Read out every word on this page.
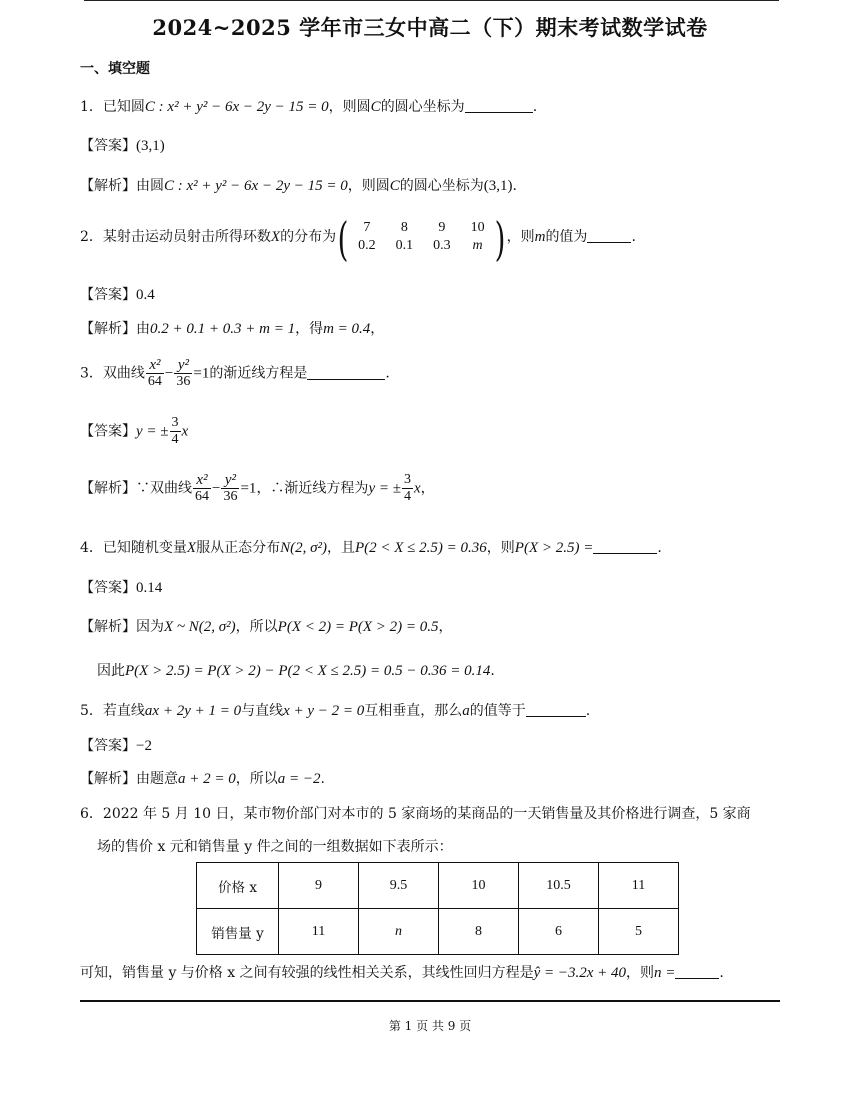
2024~2025 学年市三女中高二（下）期末考试数学试卷
一、填空题
1．已知圆C : x² + y² − 6x − 2y − 15 = 0，则圆C的圆心坐标为	.
【答案】(3,1)
【解析】由圆C : x² + y² − 6x − 2y − 15 = 0，则圆C的圆心坐标为(3,1).
2．某射击运动员射击所得环数X的分布为 ( 7	8	9	10
0.2	0.1	0.3	m ) ，则m的值为	.
【答案】0.4
【解析】由0.2 + 0.1 + 0.3 + m = 1，得m = 0.4，
3．双曲线 $\frac{\text{x²}}{64} - \frac{\text{y²}}{36} =1$的渐近线方程是	.
【答案】y = ± $\frac{3}{4}$ x
【解析】∵双曲线 $\frac{\text{x²}}{64} - \frac{\text{y²}}{36} =1$，∴渐近线方程为y = ± $\frac{3}{4}$ x，
4．已知随机变量X服从正态分布N(2, σ²)，且P(2 < X ≤ 2.5) = 0.36，则P(X > 2.5) =	.
【答案】0.14
【解析】因为X ~ N(2, σ²)，所以P(X < 2) = P(X > 2) = 0.5，
因此P(X > 2.5) = P(X > 2) − P(2 < X ≤ 2.5) = 0.5 − 0.36 = 0.14.
5．若直线ax + 2y + 1 = 0与直线x + y − 2 = 0互相垂直，那么a的值等于	.
【答案】−2
【解析】由题意a + 2 = 0，所以a = −2.
6．2022 年 5 月 10 日，某市物价部门对本市的 5 家商场的某商品的一天销售量及其价格进行调查，5 家商
场的售价 x 元和销售量 y 件之间的一组数据如下表所示：
价格 x	9	9.5	10	10.5	11
销售量 y	11	n	8	6	5
可知，销售量 y 与价格 x 之间有较强的线性相关关系，其线性回归方程是ŷ = −3.2x + 40，则n =	.
第 1 页 共 9 页
